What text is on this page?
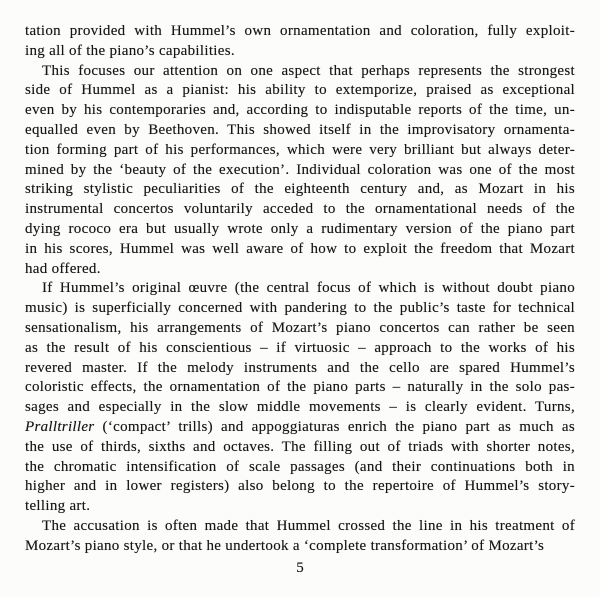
tation provided with Hummel’s own ornamentation and coloration, fully exploit-
ing all of the piano’s capabilities.
This focuses our attention on one aspect that perhaps represents the strongest
side of Hummel as a pianist: his ability to extemporize, praised as exceptional
even by his contemporaries and, according to indisputable reports of the time, un-
equalled even by Beethoven. This showed itself in the improvisatory ornamenta-
tion forming part of his performances, which were very brilliant but always deter-
mined by the ‘beauty of the execution’. Individual coloration was one of the most
striking stylistic peculiarities of the eighteenth century and, as Mozart in his
instrumental concertos voluntarily acceded to the ornamentational needs of the
dying rococo era but usually wrote only a rudimentary version of the piano part
in his scores, Hummel was well aware of how to exploit the freedom that Mozart
had offered.
If Hummel’s original œuvre (the central focus of which is without doubt piano
music) is superficially concerned with pandering to the public’s taste for technical
sensationalism, his arrangements of Mozart’s piano concertos can rather be seen
as the result of his conscientious – if virtuosic – approach to the works of his
revered master. If the melody instruments and the cello are spared Hummel’s
coloristic effects, the ornamentation of the piano parts – naturally in the solo pas-
sages and especially in the slow middle movements – is clearly evident. Turns,
Pralltriller (‘compact’ trills) and appoggiaturas enrich the piano part as much as
the use of thirds, sixths and octaves. The filling out of triads with shorter notes,
the chromatic intensification of scale passages (and their continuations both in
higher and in lower registers) also belong to the repertoire of Hummel’s story-
telling art.
The accusation is often made that Hummel crossed the line in his treatment of
Mozart’s piano style, or that he undertook a ‘complete transformation’ of Mozart’s
5
